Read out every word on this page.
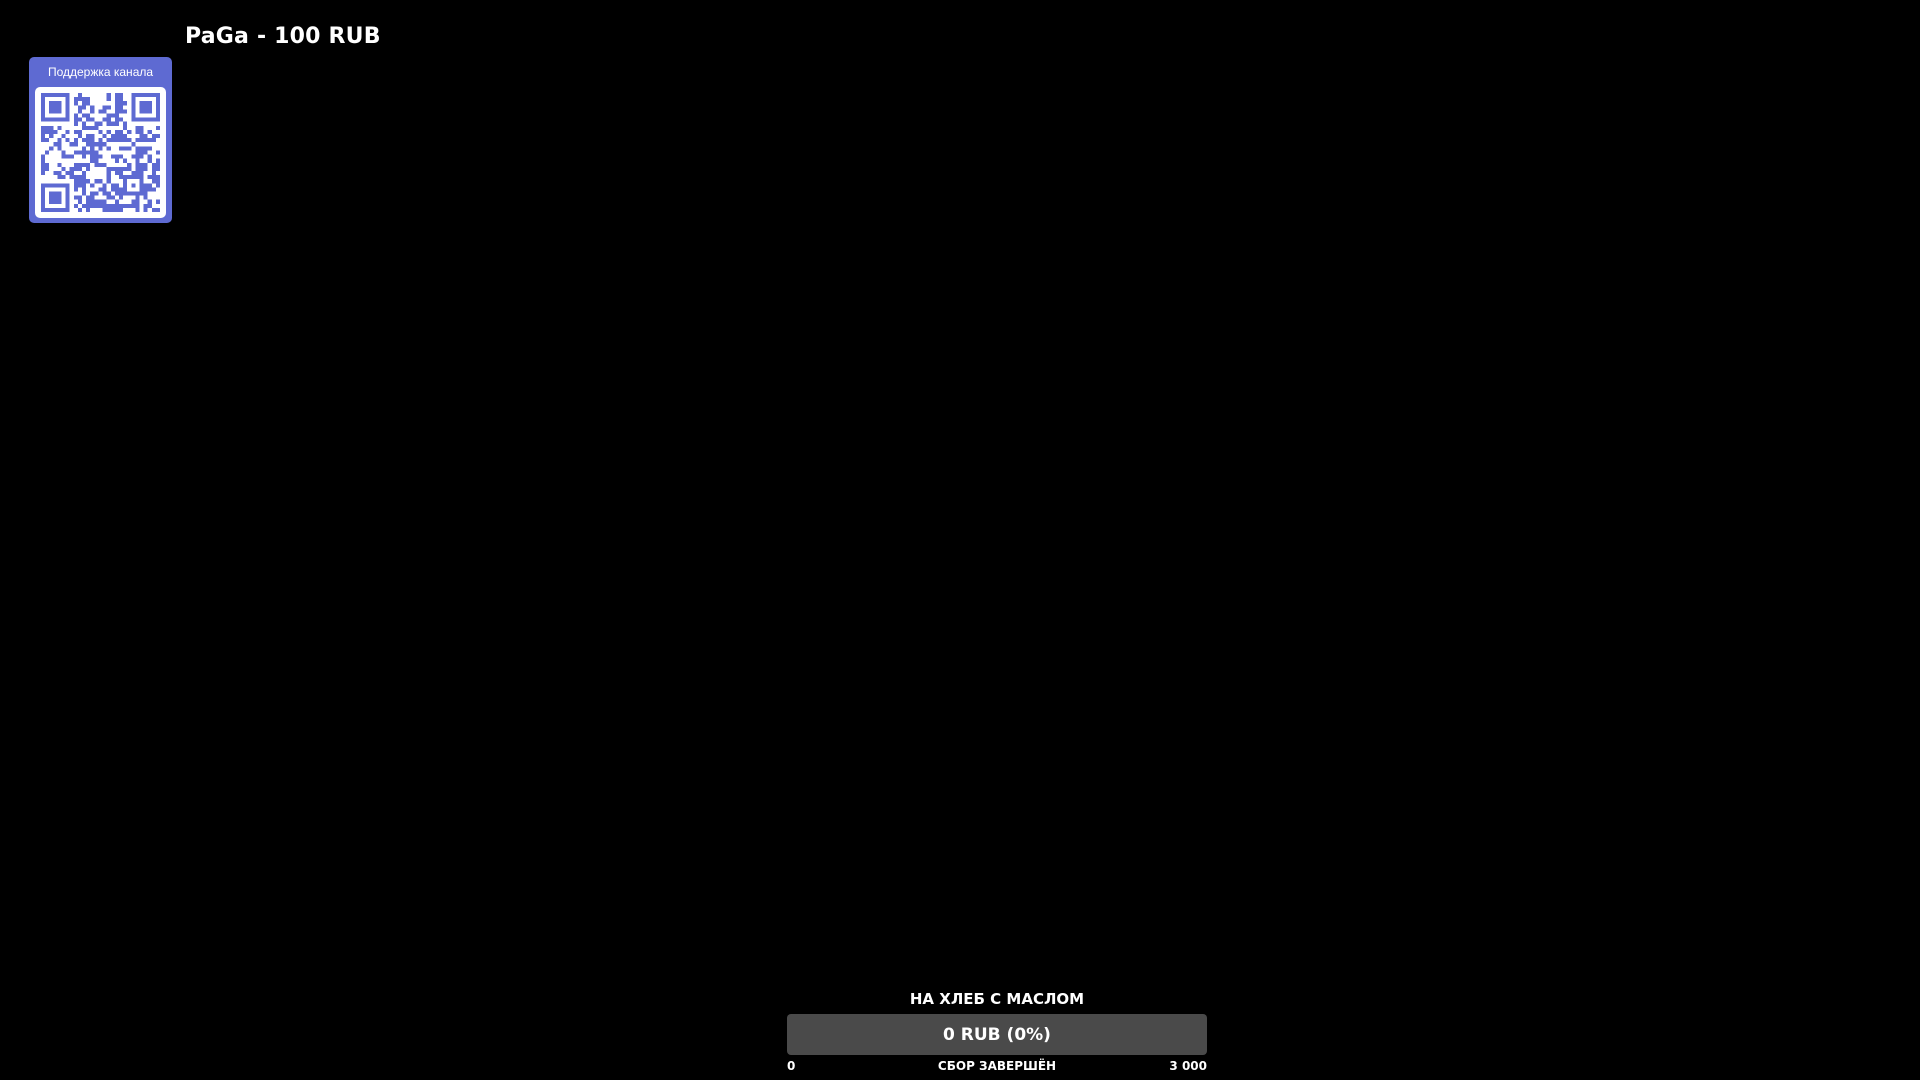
PaGa - 100 RUB
Поддержка канала
НА ХЛЕБ С МАСЛОМ
0 RUB (0%)
0	СБОР ЗАВЕРШЁН	3 000
